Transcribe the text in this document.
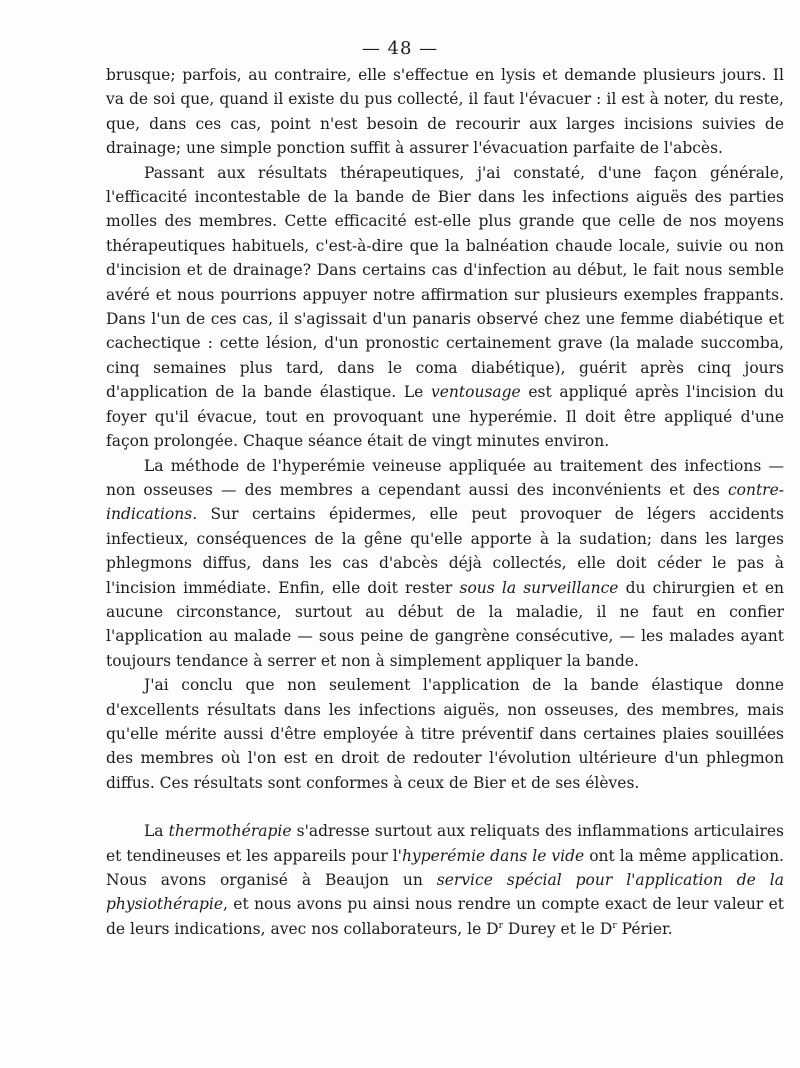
— 48 —

brusque; parfois, au contraire, elle s'effectue en lysis et demande plusieurs jours. Il va de soi que, quand il existe du pus collecté, il faut l'évacuer : il est à noter, du reste, que, dans ces cas, point n'est besoin de recourir aux larges incisions suivies de drainage; une simple ponction suffit à assurer l'évacuation parfaite de l'abcès.

Passant aux résultats thérapeutiques, j'ai constaté, d'une façon générale, l'efficacité incontestable de la bande de Bier dans les infections aiguës des parties molles des membres. Cette efficacité est-elle plus grande que celle de nos moyens thérapeutiques habituels, c'est-à-dire que la balnéation chaude locale, suivie ou non d'incision et de drainage? Dans certains cas d'infection au début, le fait nous semble avéré et nous pourrions appuyer notre affirmation sur plusieurs exemples frappants. Dans l'un de ces cas, il s'agissait d'un panaris observé chez une femme diabétique et cachectique : cette lésion, d'un pronostic certainement grave (la malade succomba, cinq semaines plus tard, dans le coma diabétique), guérit après cinq jours d'application de la bande élastique. Le ventousage est appliqué après l'incision du foyer qu'il évacue, tout en provoquant une hyperémie. Il doit être appliqué d'une façon prolongée. Chaque séance était de vingt minutes environ.

La méthode de l'hyperémie veineuse appliquée au traitement des infections — non osseuses — des membres a cependant aussi des inconvénients et des contre-indications. Sur certains épidermes, elle peut provoquer de légers accidents infectieux, conséquences de la gêne qu'elle apporte à la sudation; dans les larges phlegmons diffus, dans les cas d'abcès déjà collectés, elle doit céder le pas à l'incision immédiate. Enfin, elle doit rester sous la surveillance du chirurgien et en aucune circonstance, surtout au début de la maladie, il ne faut en confier l'application au malade — sous peine de gangrène consécutive, — les malades ayant toujours tendance à serrer et non à simplement appliquer la bande.

J'ai conclu que non seulement l'application de la bande élastique donne d'excellents résultats dans les infections aiguës, non osseuses, des membres, mais qu'elle mérite aussi d'être employée à titre préventif dans certaines plaies souillées des membres où l'on est en droit de redouter l'évolution ultérieure d'un phlegmon diffus. Ces résultats sont conformes à ceux de Bier et de ses élèves.

La thermothérapie s'adresse surtout aux reliquats des inflammations articulaires et tendineuses et les appareils pour l'hyperémie dans le vide ont la même application. Nous avons organisé à Beaujon un service spécial pour l'application de la physiothérapie, et nous avons pu ainsi nous rendre un compte exact de leur valeur et de leurs indications, avec nos collaborateurs, le $D^r$ Durey et le $D^r$ Périer.
